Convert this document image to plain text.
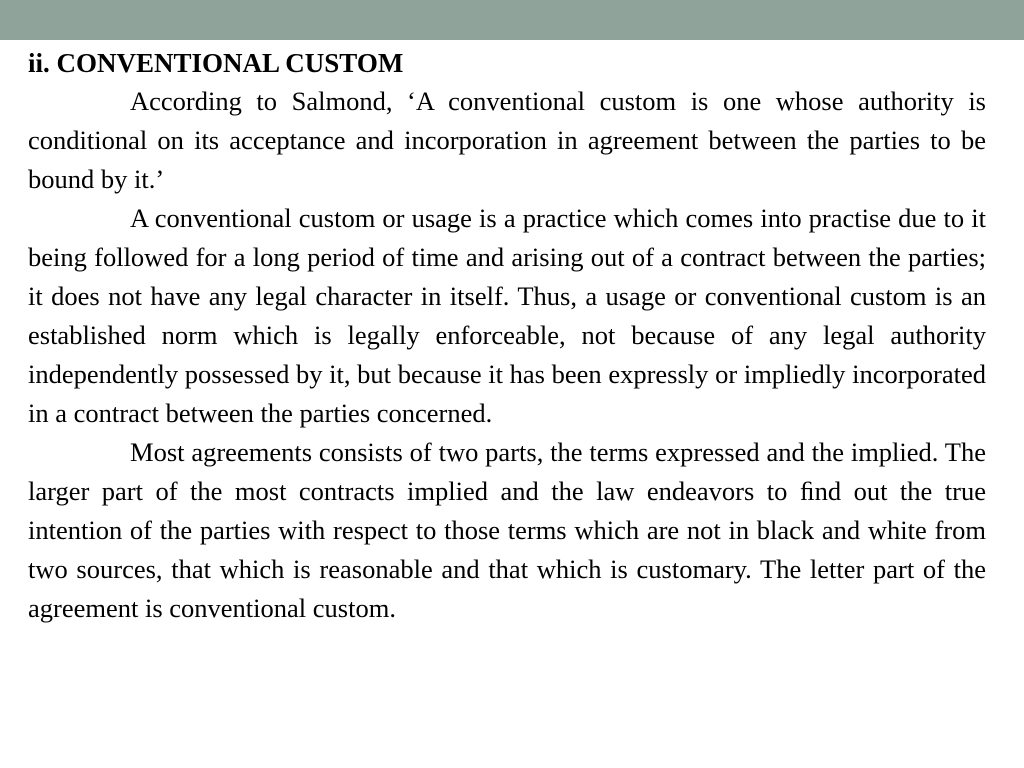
ii. CONVENTIONAL CUSTOM

According to Salmond, ‘A conventional custom is one whose authority is conditional on its acceptance and incorporation in agreement between the parties to be bound by it.’

A conventional custom or usage is a practice which comes into practise due to it being followed for a long period of time and arising out of a contract between the parties; it does not have any legal character in itself. Thus, a usage or conventional custom is an established norm which is legally enforceable, not because of any legal authority independently possessed by it, but because it has been expressly or impliedly incorporated in a contract between the parties concerned.

Most agreements consists of two parts, the terms expressed and the implied. The larger part of the most contracts implied and the law endeavors to ﬁnd out the true intention of the parties with respect to those terms which are not in black and white from two sources, that which is reasonable and that which is customary. The letter part of the agreement is conventional custom.
